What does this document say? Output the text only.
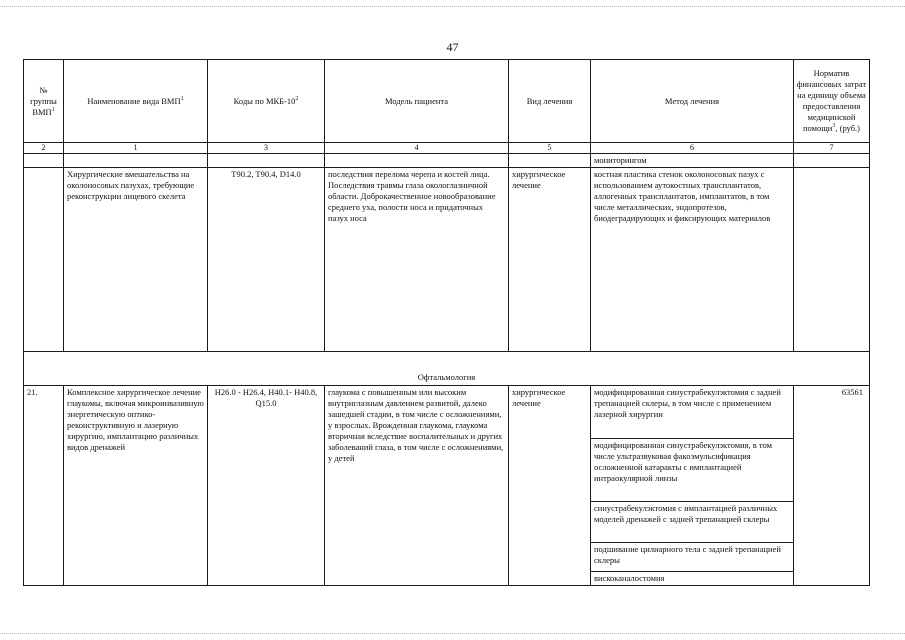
47
№ группы ВМП$^1$	Наименование вида ВМП$^1$	Коды по МКБ-$10^2$	Модель пациента	Вид лечения	Метод лечения	Норматив финансовых затрат на единицу объема предоставления медицинской помощи$^3$, (руб.)
2	1	3	4	5	6	7
					мониторингом	
	Хирургические вмешательства на околоносовых пазухах, требующие реконструкции лицевого скелета	T90.2, T90.4, D14.0	последствия перелома черепа и костей лица. Последствия травмы глаза окологлазничной области. Доброкачественное новообразование среднего уха, полости носа и придаточных пазух носа	хирургическое лечение	костная пластика стенок околоносовых пазух с использованием аутокостных трансплантатов, аллогенных трансплантатов, имплантатов, в том числе металлических, эндопротезов, биодеградирующих и фиксирующих материалов	
Офтальмология						
21.	Комплексное хирургическое лечение глаукомы, включая микроинвазивную энергетическую оптико-реконструктивную и лазерную хирургию, имплантацию различных видов дренажей	H26.0 - H26.4, H40.1- H40.8, Q15.0	глаукома с повышенным или высоким внутриглазным давлением развитой, далеко зашедшей стадии, в том числе с осложнениями, у взрослых. Врожденная глаукома, глаукома вторичная вследствие воспалительных и других заболеваний глаза, в том числе с осложнениями, у детей	хирургическое лечение	модифицированная синустрабекулэктомия с задней трепанацией склеры, в том числе с применением лазерной хирургии	63561
					модифицированная синустрабекулэктомия, в том числе ультразвуковая факоэмульсификация осложненной катаракты с имплантацией интраокулярной линзы	
					синустрабекулэктомия с имплантацией различных моделей дренажей с задней трепанацией склеры	
					подшивание цилиарного тела с задней трепанацией склеры	
					вискоканалостомия	
